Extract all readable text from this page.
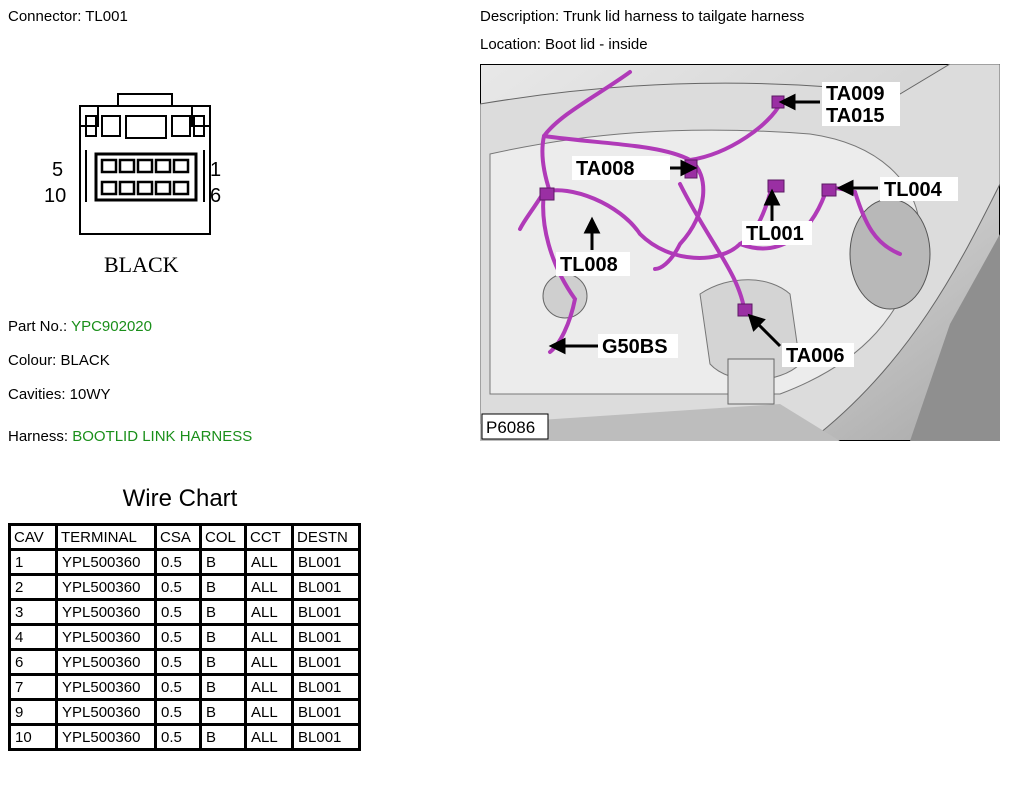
Connector: TL001	Description: Trunk lid harness to tailgate harness
Location: Boot lid - inside
5
10
1
6
BLACK
Part No.: YPC902020
Colour: BLACK
Cavities: 10WY
Harness: BOOTLID LINK HARNESS
TA009
TA015
TA008
TL004
TL001
TL008
G50BS	TA006
P6086
Wire Chart
CAV	TERMINAL	CSA	COL	CCT	DESTN
1	YPL500360	0.5	B	ALL	BL001
2	YPL500360	0.5	B	ALL	BL001
3	YPL500360	0.5	B	ALL	BL001
4	YPL500360	0.5	B	ALL	BL001
6	YPL500360	0.5	B	ALL	BL001
7	YPL500360	0.5	B	ALL	BL001
9	YPL500360	0.5	B	ALL	BL001
10	YPL500360	0.5	B	ALL	BL001
